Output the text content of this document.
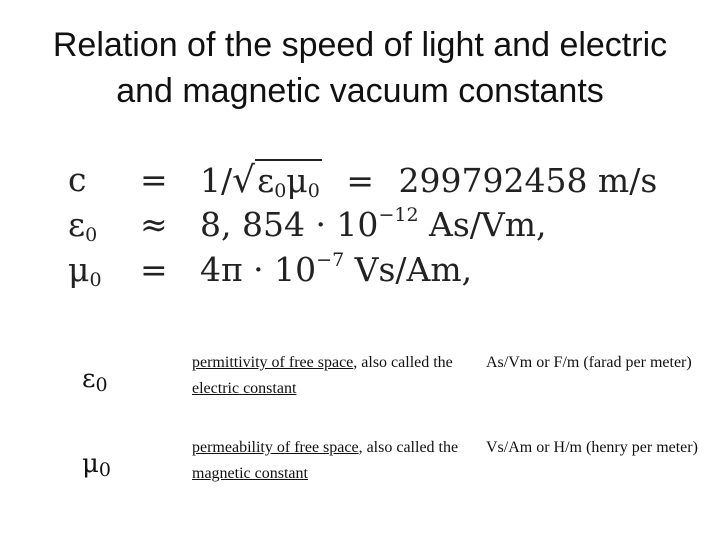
Relation of the speed of light and electric
and magnetic vacuum constants
c = 1/√ε0μ0 = 299792458 m/s
ε0 ≈ 8, $854 \cdot 10^{-12}$ As/Vm,
$\mu 0 = 4\pi \cdot 10^{-7}$ Vs/Am,
ε0
permittivity of free space, also called the electric constant
As/Vm or F/m (farad per meter)
μ0
permeability of free space, also called the magnetic constant
Vs/Am or H/m (henry per meter)
